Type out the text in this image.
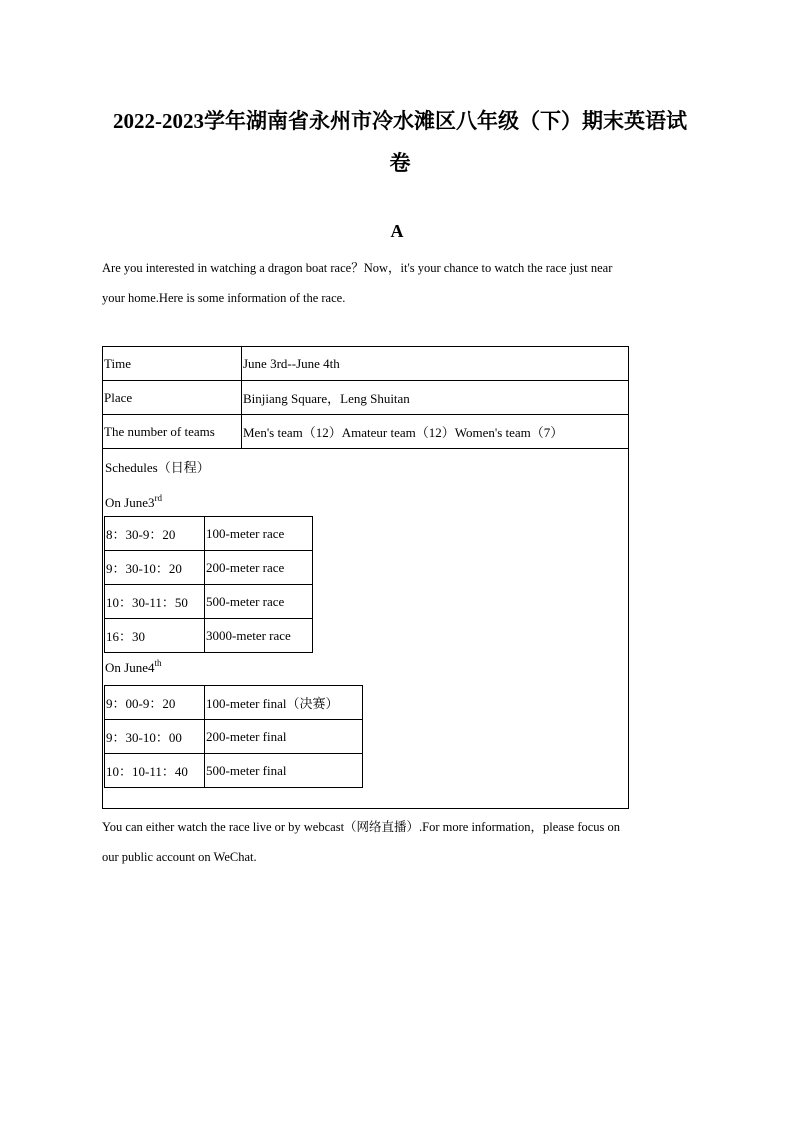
2022-2023学年湖南省永州市冷水滩区八年级（下）期末英语试
卷
A
Are you interested in watching a dragon boat race？Now，it's your chance to watch the race just near
your home.Here is some information of the race.
Time	June 3rd--June 4th
Place	Binjiang Square，Leng Shuitan
The number of teams	Men's team（12）Amateur team（12）Women's team（7）

Schedules（日程）
On June3rd
8：30-9：20	100-meter race
9：30-10：20	200-meter race
10：30-11：50	500-meter race
16：30	3000-meter race
On June4th
9：00-9：20	100-meter final（决赛）
9：30-10：00	200-meter final
10：10-11：40	500-meter final
You can either watch the race live or by webcast（网络直播）.For more information，please focus on
our public account on WeChat.
